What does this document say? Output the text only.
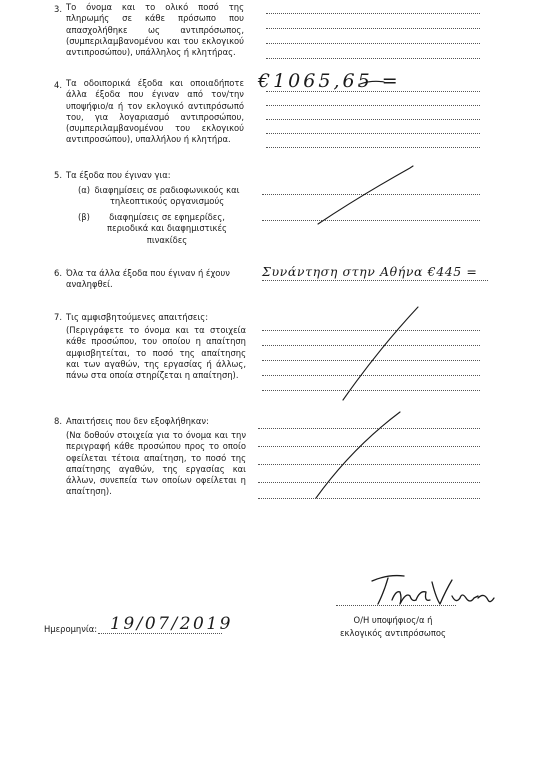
3. Το όνομα και το ολικό ποσό της πληρωμής σε κάθε πρόσωπο που απασχολήθηκε ως αντιπρόσωπος, (συμπεριλαμβανομένου και του εκλογικού αντιπροσώπου), υπάλληλος ή κλητήρας.
4. Τα οδοιπορικά έξοδα και οποιαδήποτε άλλα έξοδα που έγιναν από τον/την υποψήφιο/α ή τον εκλογικό αντιπρόσωπό του, για λογαριασμό αντιπροσώπου, (συμπεριλαμβανομένου του εκλογικού αντιπροσώπου), υπαλλήλου ή κλητήρα.
€1065,65 =
5. Τα έξοδα που έγιναν για:
(α) διαφημίσεις σε ραδιοφωνικούς και τηλεοπτικούς οργανισμούς
(β)	διαφημίσεις σε εφημερίδες, περιοδικά και διαφημιστικές πινακίδες
6. Όλα τα άλλα έξοδα που έγιναν ή έχουν αναληφθεί.
Συνάντηση στην Αθήνα €445 =
7. Τις αμφισβητούμενες απαιτήσεις:
(Περιγράφετε το όνομα και τα στοιχεία κάθε προσώπου, του οποίου η απαίτηση αμφισβητείται, το ποσό της απαίτησης και των αγαθών, της εργασίας ή άλλως, πάνω στα οποία στηρίζεται η απαίτηση).
8. Απαιτήσεις που δεν εξοφλήθηκαν:
(Να δοθούν στοιχεία για το όνομα και την περιγραφή κάθε προσώπου προς το οποίο οφείλεται τέτοια απαίτηση, το ποσό της απαίτησης αγαθών, της εργασίας και άλλων, συνεπεία των οποίων οφείλεται η απαίτηση).
Ημερομηνία: 19/07/2019	Ο/Η υποψήφιος/α ή
εκλογικός αντιπρόσωπος
